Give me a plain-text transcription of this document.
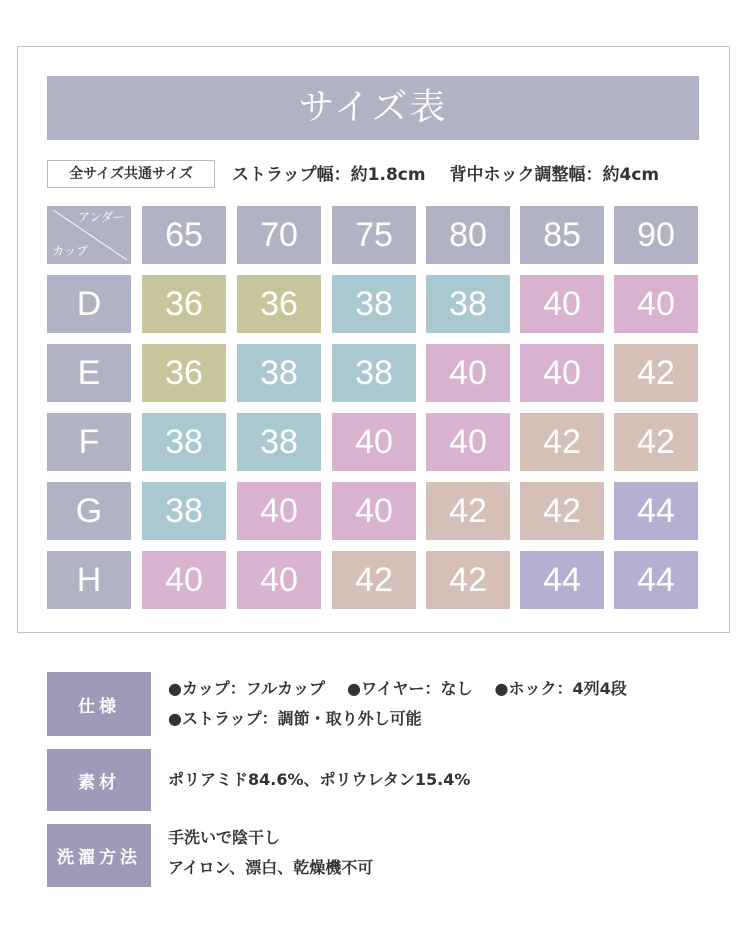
サイズ表
全サイズ共通サイズ	ストラップ幅：約1.8cm 背中ホック調整幅：約4cm
アンダー
カップ	65	70	75	80	85	90
D	36	36	38	38	40	40
E	36	38	38	40	40	42
F	38	38	40	40	42	42
G	38	40	40	42	42	44
H	40	40	42	42	44	44
仕様
●カップ：フルカップ ●ワイヤー：なし ●ホック：4列4段
●ストラップ：調節・取り外し可能
素材	ポリアミド84.6%、ポリウレタン15.4%
洗濯方法
手洗いで陰干し
アイロン、漂白、乾燥機不可
